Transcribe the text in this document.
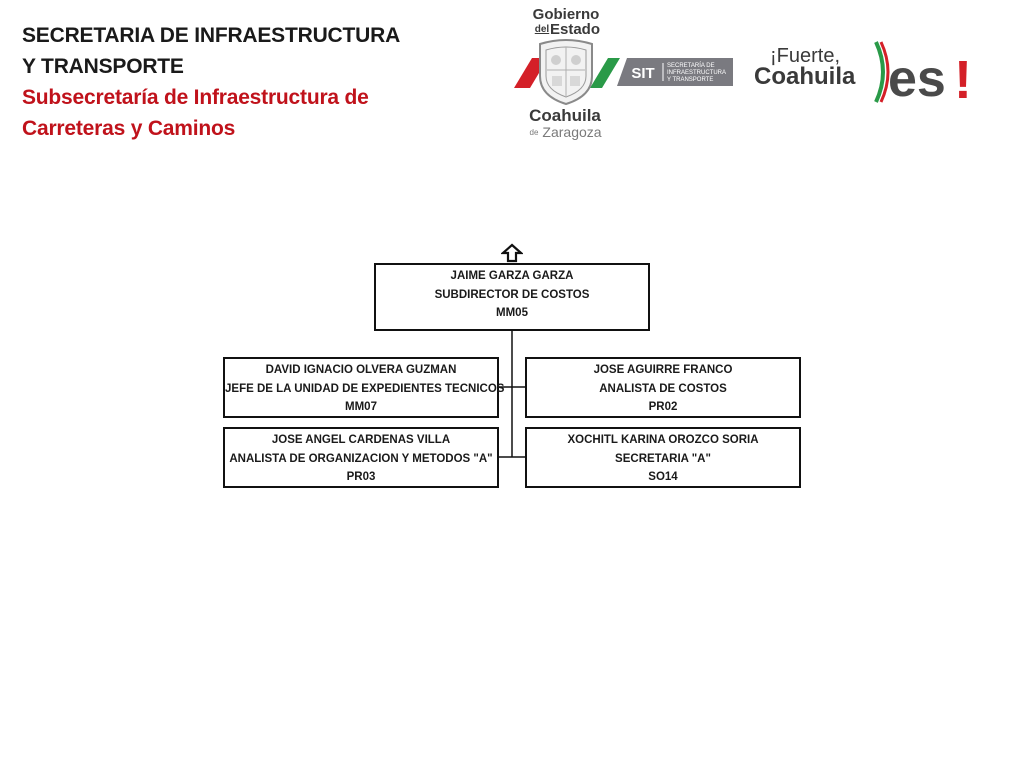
SECRETARIA DE INFRAESTRUCTURA
Y TRANSPORTE
Subsecretaría de Infraestructura de
Carreteras y Caminos
Gobierno
del Estado
Coahuila
de Zaragoza
SIT SECRETARÍA DE
INFRAESTRUCTURA
Y TRANSPORTE
¡Fuerte,
Coahuila es !
JAIME GARZA GARZA
SUBDIRECTOR DE COSTOS
MM05
DAVID IGNACIO OLVERA GUZMAN
JEFE DE LA UNIDAD DE EXPEDIENTES TECNICOS
MM07
JOSE AGUIRRE FRANCO
ANALISTA DE COSTOS
PR02
JOSE ANGEL CARDENAS VILLA
ANALISTA DE ORGANIZACION Y METODOS "A"
PR03
XOCHITL KARINA OROZCO SORIA
SECRETARIA "A"
SO14
